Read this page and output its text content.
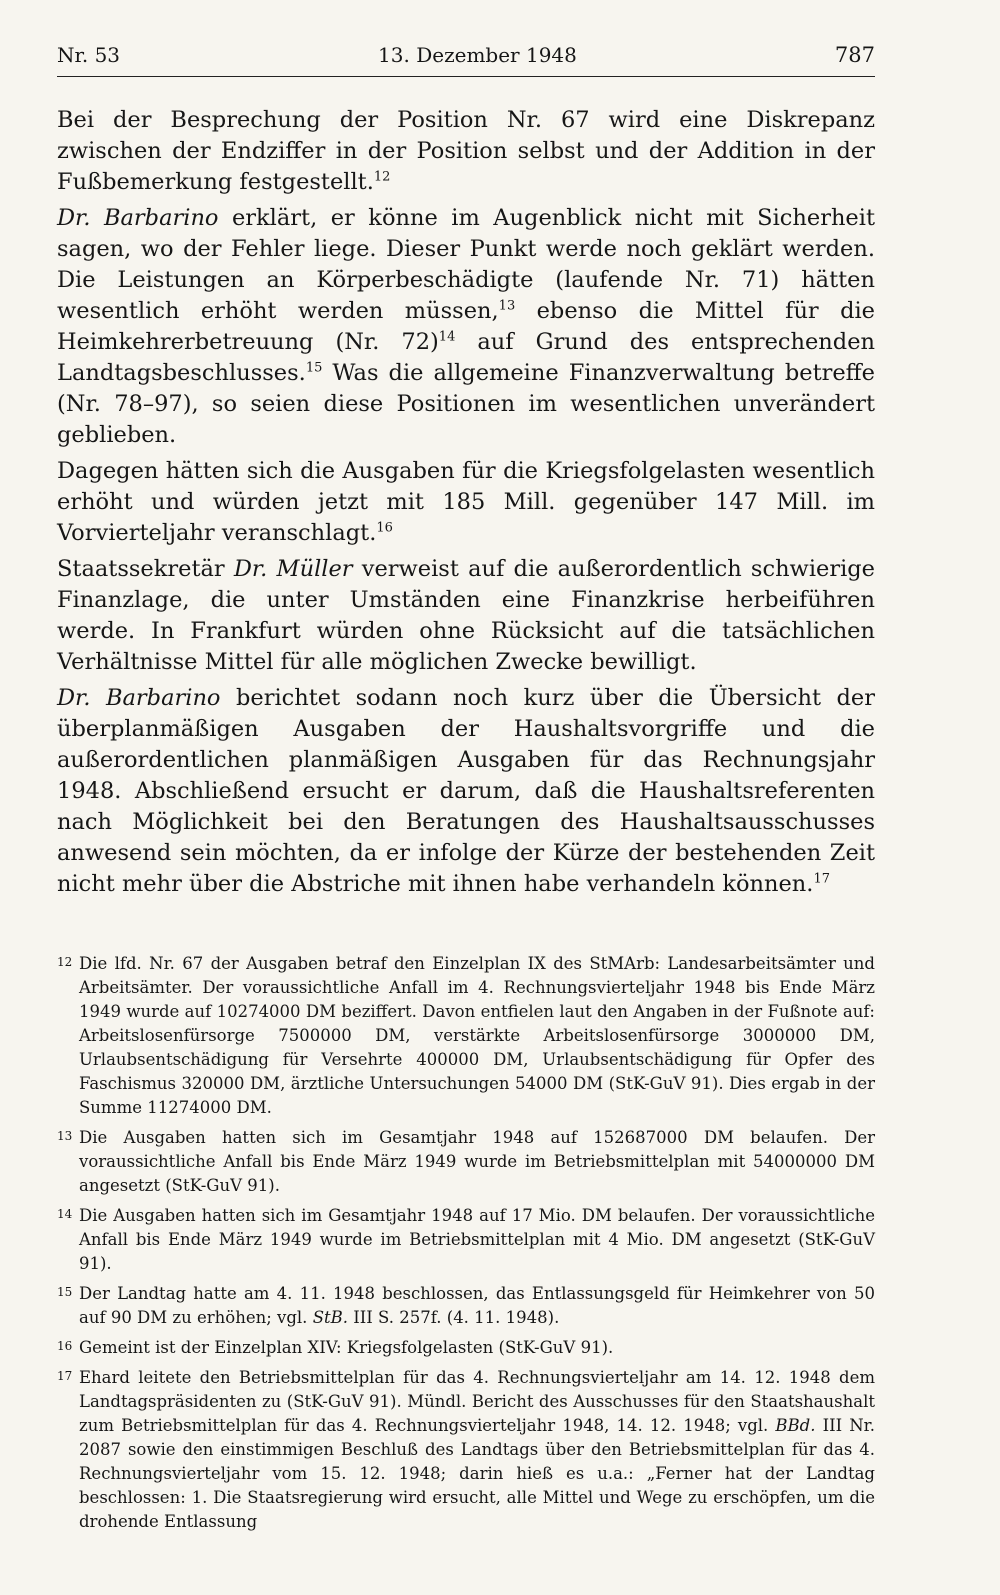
Nr. 53	13. Dezember 1948	787

Bei der Besprechung der Position Nr. 67 wird eine Diskrepanz zwischen der Endziffer in der Position selbst und der Addition in der Fußbemerkung festgestellt.$^{12}$

Dr. Barbarino erklärt, er könne im Augenblick nicht mit Sicherheit sagen, wo der Fehler liege. Dieser Punkt werde noch geklärt werden. Die Leistungen an Körperbeschädigte (laufende Nr. 71) hätten wesentlich erhöht werden müssen,$^{13}$ ebenso die Mittel für die Heimkehrerbetreuung (Nr. 72)$^{14}$ auf Grund des entsprechenden Landtagsbeschlusses.$^{15}$ Was die allgemeine Finanzverwaltung betreffe (Nr. 78–97), so seien diese Positionen im wesentlichen unverändert geblieben.

Dagegen hätten sich die Ausgaben für die Kriegsfolgelasten wesentlich erhöht und würden jetzt mit 185 Mill. gegenüber 147 Mill. im Vorvierteljahr veranschlagt.$^{16}$

Staatssekretär Dr. Müller verweist auf die außerordentlich schwierige Finanzlage, die unter Umständen eine Finanzkrise herbeiführen werde. In Frankfurt würden ohne Rücksicht auf die tatsächlichen Verhältnisse Mittel für alle möglichen Zwecke bewilligt.

Dr. Barbarino berichtet sodann noch kurz über die Übersicht der überplanmäßigen Ausgaben der Haushaltsvorgriffe und die außerordentlichen planmäßigen Ausgaben für das Rechnungsjahr 1948. Abschließend ersucht er darum, daß die Haushaltsreferenten nach Möglichkeit bei den Beratungen des Haushaltsausschusses anwesend sein möchten, da er infolge der Kürze der bestehenden Zeit nicht mehr über die Abstriche mit ihnen habe verhandeln können.$^{17}$

12 Die lfd. Nr. 67 der Ausgaben betraf den Einzelplan IX des StMArb: Landesarbeitsämter und Arbeitsämter. Der voraussichtliche Anfall im 4. Rechnungsvierteljahr 1948 bis Ende März 1949 wurde auf 10274000 DM beziffert. Davon entfielen laut den Angaben in der Fußnote auf: Arbeitslosenfürsorge 7500000 DM, verstärkte Arbeitslosenfürsorge 3000000 DM, Urlaubsentschädigung für Versehrte 400000 DM, Urlaubsentschädigung für Opfer des Faschismus 320000 DM, ärztliche Untersuchungen 54000 DM (StK-GuV 91). Dies ergab in der Summe 11274000 DM.
13 Die Ausgaben hatten sich im Gesamtjahr 1948 auf 152687000 DM belaufen. Der voraussichtliche Anfall bis Ende März 1949 wurde im Betriebsmittelplan mit 54000000 DM angesetzt (StK-GuV 91).
14 Die Ausgaben hatten sich im Gesamtjahr 1948 auf 17 Mio. DM belaufen. Der voraussichtliche Anfall bis Ende März 1949 wurde im Betriebsmittelplan mit 4 Mio. DM angesetzt (StK-GuV 91).
15 Der Landtag hatte am 4. 11. 1948 beschlossen, das Entlassungsgeld für Heimkehrer von 50 auf 90 DM zu erhöhen; vgl. StB. III S. 257f. (4. 11. 1948).
16 Gemeint ist der Einzelplan XIV: Kriegsfolgelasten (StK-GuV 91).
17 Ehard leitete den Betriebsmittelplan für das 4. Rechnungsvierteljahr am 14. 12. 1948 dem Landtagspräsidenten zu (StK-GuV 91). Mündl. Bericht des Ausschusses für den Staatshaushalt zum Betriebsmittelplan für das 4. Rechnungsvierteljahr 1948, 14. 12. 1948; vgl. BBd. III Nr. 2087 sowie den einstimmigen Beschluß des Landtags über den Betriebsmittelplan für das 4. Rechnungsvierteljahr vom 15. 12. 1948; darin hieß es u.a.: „Ferner hat der Landtag beschlossen: 1. Die Staatsregierung wird ersucht, alle Mittel und Wege zu erschöpfen, um die drohende Entlassung
